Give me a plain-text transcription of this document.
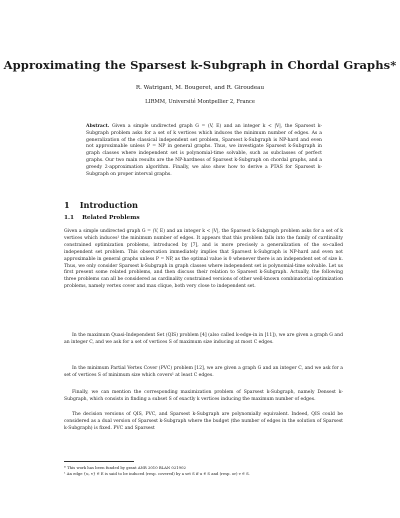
Approximating the Sparsest k-Subgraph in Chordal Graphs*
R. Watrigant, M. Bougeret, and R. Giroudeau
LIRMM, Université Montpellier 2, France
Abstract. Given a simple undirected graph G = (V, E) and an integer k < |V|, the Sparsest k-Subgraph problem asks for a set of k vertices which induces the minimum number of edges. As a generalization of the classical independent set problem, Sparsest k-Subgraph is NP-hard and even not approximable unless P = NP in general graphs. Thus, we investigate Sparsest k-Subgraph in graph classes where independent set is polynomial-time solvable, such as subclasses of perfect graphs. Our two main results are the NP-hardness of Sparsest k-Subgraph on chordal graphs, and a greedy 2-approximation algorithm. Finally, we also show how to derive a PTAS for Sparsest k-Subgraph on proper interval graphs.
1 Introduction
1.1 Related Problems
Given a simple undirected graph G = (V, E) and an integer k < |V|, the Sparsest k-Subgraph problem asks for a set of k vertices which induces¹ the minimum number of edges. It appears that this problem falls into the family of cardinality constrained optimization problems, introduced by [7], and is more precisely a generalization of the so-called independent set problem. This observation immediately implies that Sparsest k-Subgraph is NP-hard and even not approximable in general graphs unless P = NP, as the optimal value is 0 whenever there is an independent set of size k. Thus, we only consider Sparsest k-Subgraph in graph classes where independent set is polynomial-time solvable. Let us first present some related problems, and then discuss their relation to Sparsest k-Subgraph. Actually, the following three problems can all be considered as cardinality constrained versions of other well-known combinatorial optimization problems, namely vertex cover and max clique, both very close to independent set.
In the maximum Quasi-Independent Set (QIS) problem [4] (also called k-edge-in in [11]), we are given a graph G and an integer C, and we ask for a set of vertices S of maximum size inducing at most C edges.
In the minimum Partial Vertex Cover (PVC) problem [12], we are given a graph G and an integer C, and we ask for a set of vertices S of minimum size which covers¹ at least C edges.
Finally, we can mention the corresponding maximization problem of Sparsest k-Subgraph, namely Densest k-Subgraph, which consists in finding a subset S of exactly k vertices inducing the maximum number of edges.
The decision versions of QIS, PVC, and Sparsest k-Subgraph are polynomially equivalent. Indeed, QIS could be considered as a dual version of Sparsest k-Subgraph where the budget (the number of edges in the solution of Sparsest k-Subgraph) is fixed. PVC and Sparsest
* This work has been funded by grant ANR 2010 BLAN 021902
¹ An edge {u, v} ∈ E is said to be induced (resp. covered) by a set S if u ∈ S and (resp. or) v ∈ S.
